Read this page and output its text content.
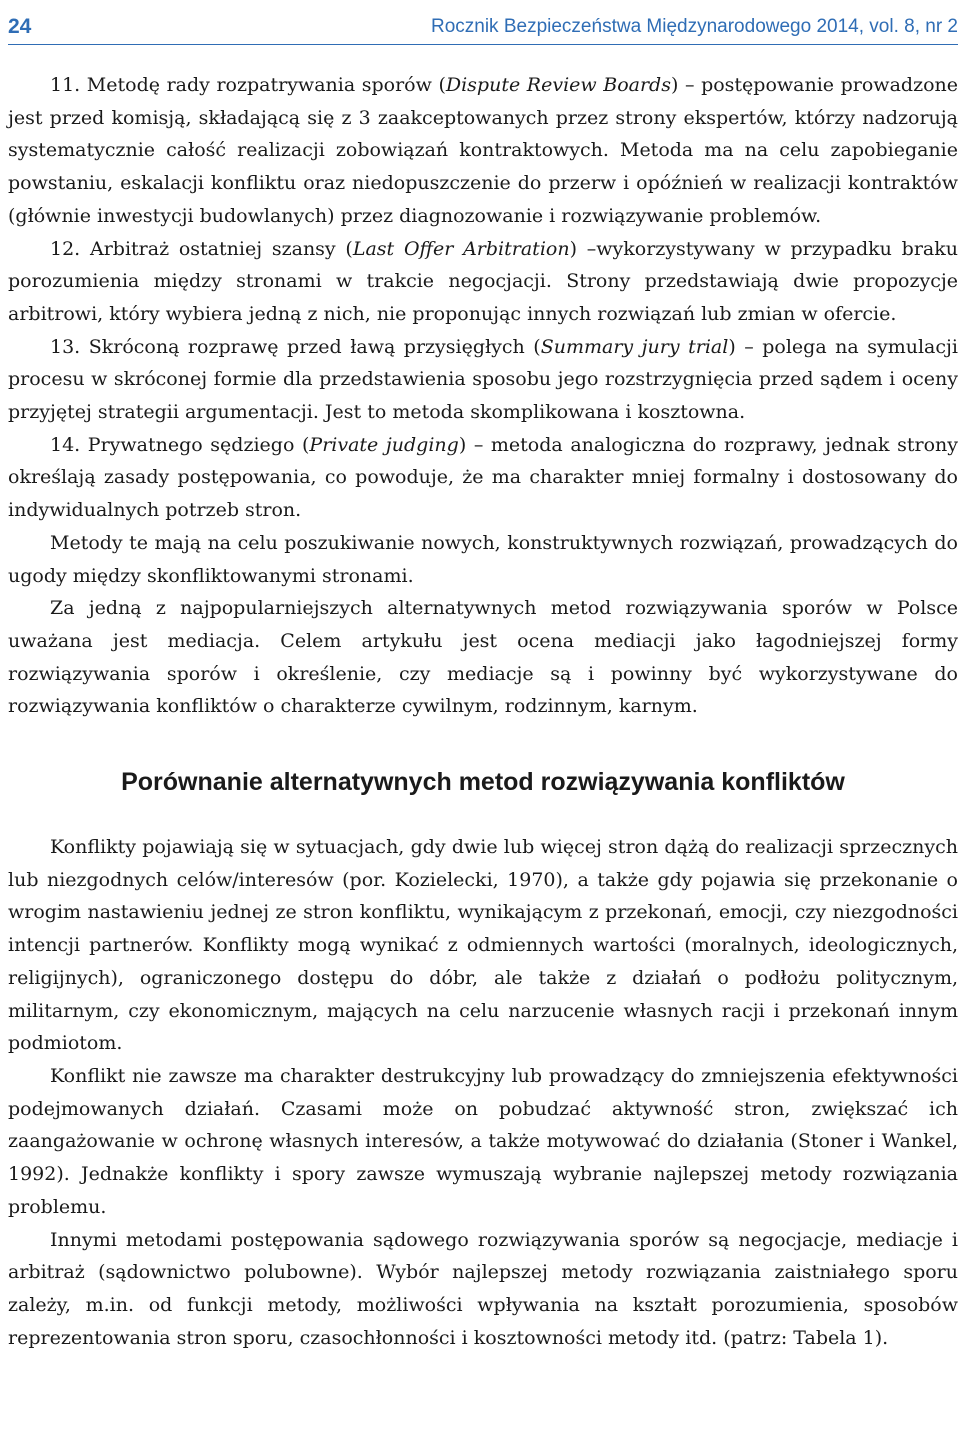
24	Rocznik Bezpieczeństwa Międzynarodowego 2014, vol. 8, nr 2

11. Metodę rady rozpatrywania sporów (Dispute Review Boards) – postępowanie prowadzone jest przed komisją, składającą się z 3 zaakceptowanych przez strony ekspertów, którzy nadzorują systematycznie całość realizacji zobowiązań kontraktowych. Metoda ma na celu zapobieganie powstaniu, eskalacji konfliktu oraz niedopuszczenie do przerw i opóźnień w realizacji kontraktów (głównie inwestycji budowlanych) przez diagnozowanie i rozwiązywanie problemów.

12. Arbitraż ostatniej szansy (Last Offer Arbitration) –wykorzystywany w przypadku braku porozumienia między stronami w trakcie negocjacji. Strony przedstawiają dwie propozycje arbitrowi, który wybiera jedną z nich, nie proponując innych rozwiązań lub zmian w ofercie.

13. Skróconą rozprawę przed ławą przysięgłych (Summary jury trial) – polega na symulacji procesu w skróconej formie dla przedstawienia sposobu jego rozstrzygnięcia przed sądem i oceny przyjętej strategii argumentacji. Jest to metoda skomplikowana i kosztowna.

14. Prywatnego sędziego (Private judging) – metoda analogiczna do rozprawy, jednak strony określają zasady postępowania, co powoduje, że ma charakter mniej formalny i dostosowany do indywidualnych potrzeb stron.

Metody te mają na celu poszukiwanie nowych, konstruktywnych rozwiązań, prowadzących do ugody między skonfliktowanymi stronami.

Za jedną z najpopularniejszych alternatywnych metod rozwiązywania sporów w Polsce uważana jest mediacja. Celem artykułu jest ocena mediacji jako łagodniejszej formy rozwiązywania sporów i określenie, czy mediacje są i powinny być wykorzystywane do rozwiązywania konfliktów o charakterze cywilnym, rodzinnym, karnym.

Porównanie alternatywnych metod rozwiązywania konfliktów

Konflikty pojawiają się w sytuacjach, gdy dwie lub więcej stron dążą do realizacji sprzecznych lub niezgodnych celów/interesów (por. Kozielecki, 1970), a także gdy pojawia się przekonanie o wrogim nastawieniu jednej ze stron konfliktu, wynikającym z przekonań, emocji, czy niezgodności intencji partnerów. Konflikty mogą wynikać z odmiennych wartości (moralnych, ideologicznych, religijnych), ograniczonego dostępu do dóbr, ale także z działań o podłożu politycznym, militarnym, czy ekonomicznym, mających na celu narzucenie własnych racji i przekonań innym podmiotom.

Konflikt nie zawsze ma charakter destrukcyjny lub prowadzący do zmniejszenia efektywności podejmowanych działań. Czasami może on pobudzać aktywność stron, zwiększać ich zaangażowanie w ochronę własnych interesów, a także motywować do działania (Stoner i Wankel, 1992). Jednakże konflikty i spory zawsze wymuszają wybranie najlepszej metody rozwiązania problemu.

Innymi metodami postępowania sądowego rozwiązywania sporów są negocjacje, mediacje i arbitraż (sądownictwo polubowne). Wybór najlepszej metody rozwiązania zaistniałego sporu zależy, m.in. od funkcji metody, możliwości wpływania na kształt porozumienia, sposobów reprezentowania stron sporu, czasochłonności i kosztowności metody itd. (patrz: Tabela 1).
